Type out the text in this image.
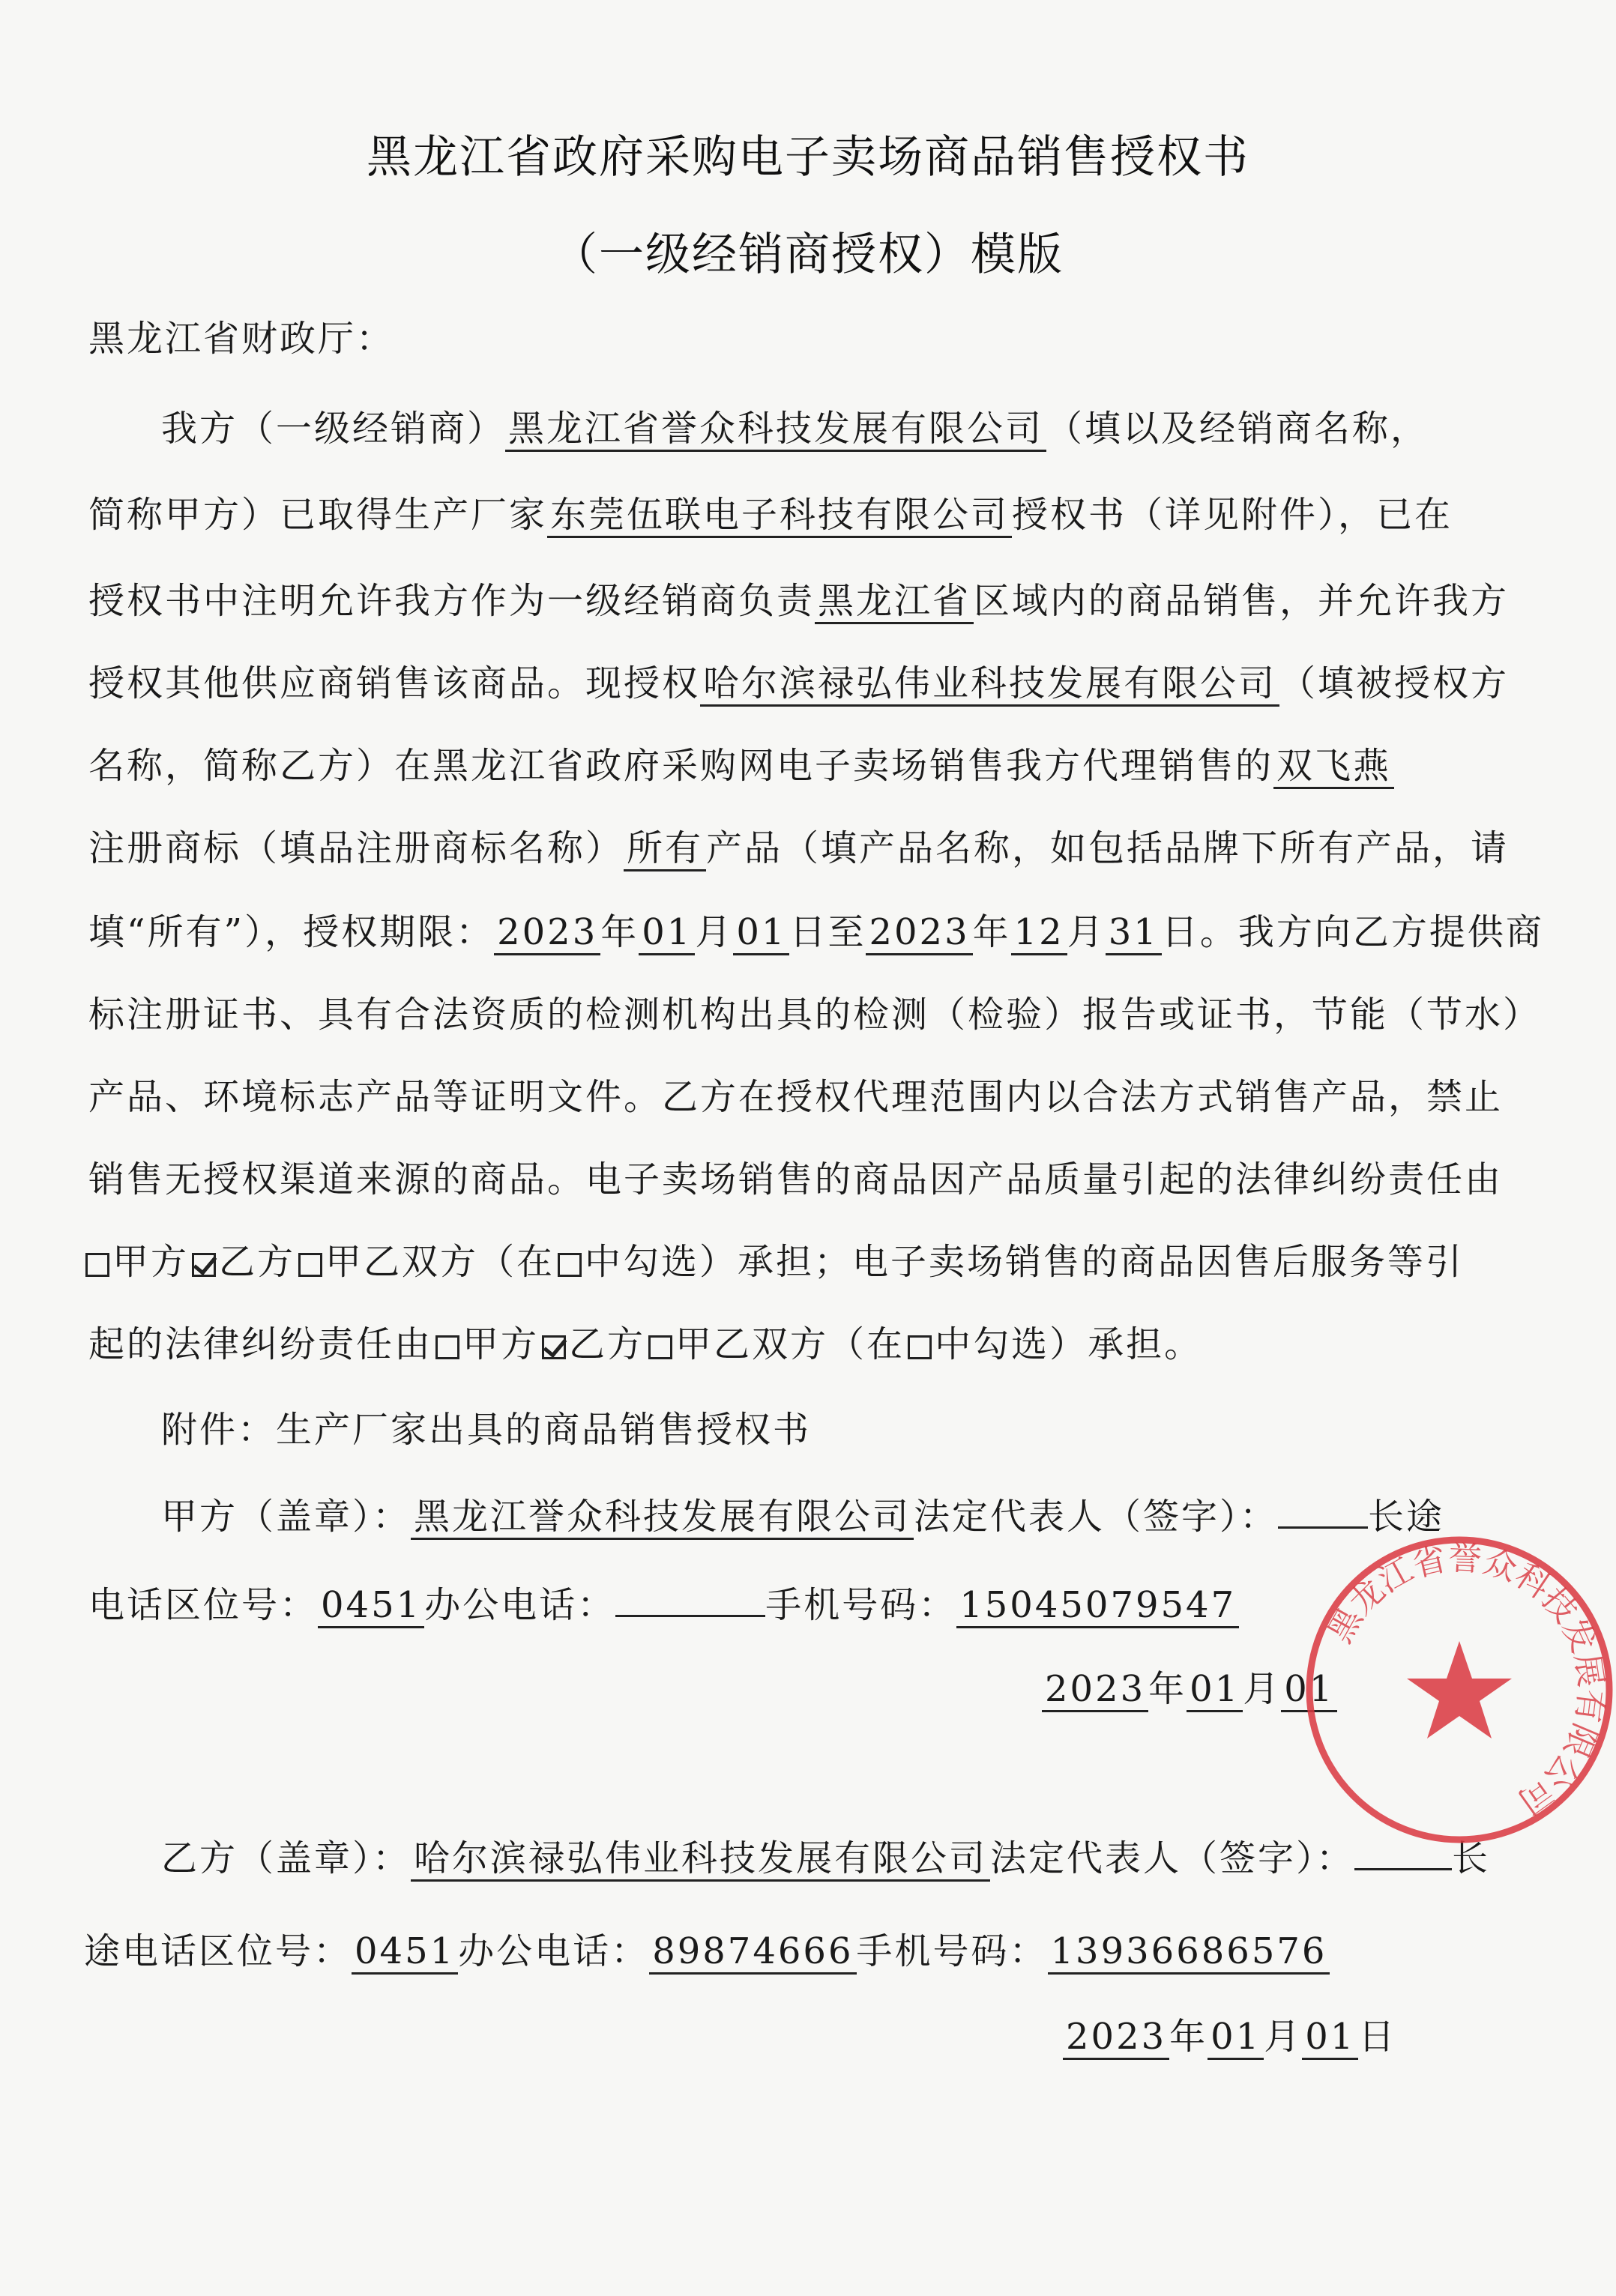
黑龙江省政府采购电子卖场商品销售授权书
（一级经销商授权）模版
黑龙江省财政厅：
我方（一级经销商）黑龙江省誉众科技发展有限公司（填以及经销商名称，
简称甲方）已取得生产厂家东莞伍联电子科技有限公司授权书（详见附件），已在
授权书中注明允许我方作为一级经销商负责黑龙江省区域内的商品销售，并允许我方
授权其他供应商销售该商品。现授权哈尔滨禄弘伟业科技发展有限公司（填被授权方
名称，简称乙方）在黑龙江省政府采购网电子卖场销售我方代理销售的双飞燕
注册商标（填品注册商标名称）所有产品（填产品名称，如包括品牌下所有产品，请
填“所有”），授权期限：2023年01月01日至2023年12月31日。我方向乙方提供商
标注册证书、具有合法资质的检测机构出具的检测（检验）报告或证书，节能（节水）
产品、环境标志产品等证明文件。乙方在授权代理范围内以合法方式销售产品，禁止
销售无授权渠道来源的商品。电子卖场销售的商品因产品质量引起的法律纠纷责任由
甲方 乙方 甲乙双方（在 中勾选）承担；电子卖场销售的商品因售后服务等引
起的法律纠纷责任由 甲方 乙方 甲乙双方（在 中勾选）承担。
附件：生产厂家出具的商品销售授权书
甲方（盖章）：黑龙江誉众科技发展有限公司法定代表人（签字）：	长途
电话区位号：0451办公电话：	手机号码：15045079547
2023年01月01
乙方（盖章）：哈尔滨禄弘伟业科技发展有限公司法定代表人（签字）：	长
途电话区位号：0451办公电话：89874666手机号码：13936686576
2023年01月01日
黑龙江省誉众科技发展有限公司
